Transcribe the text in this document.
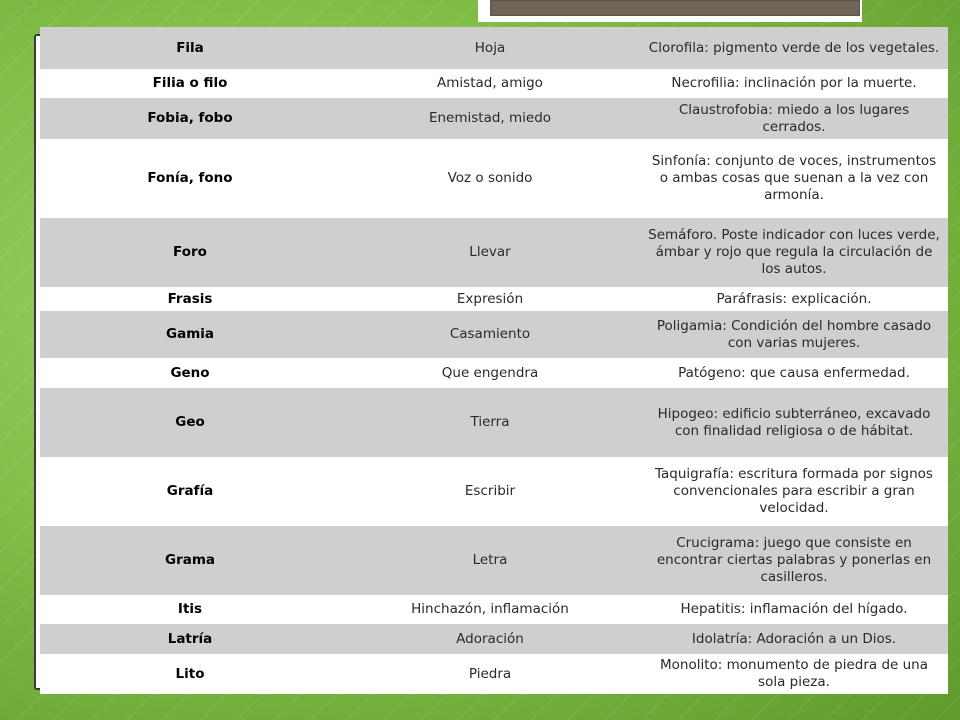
Fila	Hoja	Clorofila: pigmento verde de los vegetales.
Filia o filo	Amistad, amigo	Necrofilia: inclinación por la muerte.
Fobia, fobo	Enemistad, miedo	Claustrofobia: miedo a los lugares cerrados.
Fonía, fono	Voz o sonido	Sinfonía: conjunto de voces, instrumentos o ambas cosas que suenan a la vez con armonía.
Foro	Llevar	Semáforo. Poste indicador con luces verde, ámbar y rojo que regula la circulación de los autos.
Frasis	Expresión	Paráfrasis: explicación.
Gamia	Casamiento	Poligamia: Condición del hombre casado con varias mujeres.
Geno	Que engendra	Patógeno: que causa enfermedad.
Geo	Tierra	Hipogeo: edificio subterráneo, excavado con finalidad religiosa o de hábitat.
Grafía	Escribir	Taquigrafía: escritura formada por signos convencionales para escribir a gran velocidad.
Grama	Letra	Crucigrama: juego que consiste en encontrar ciertas palabras y ponerlas en casilleros.
Itis	Hinchazón, inflamación	Hepatitis: inflamación del hígado.
Latría	Adoración	Idolatría: Adoración a un Dios.
Lito	Piedra	Monolito: monumento de piedra de una sola pieza.
